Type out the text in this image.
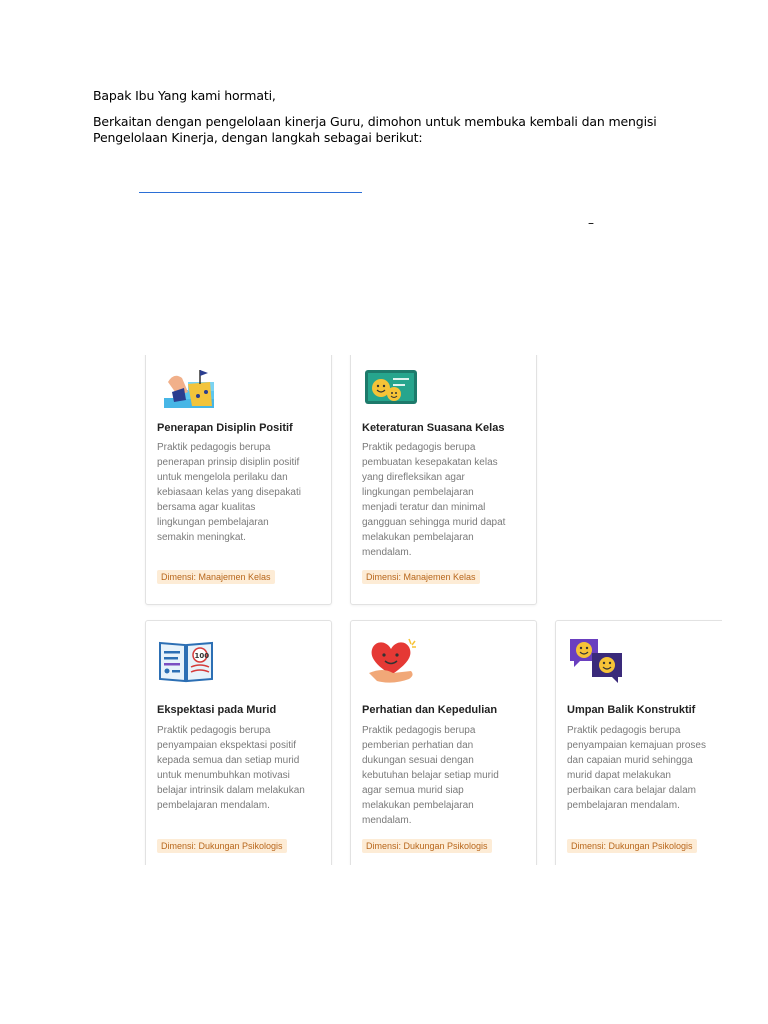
Bapak Ibu Yang kami hormati,

Berkaitan dengan pengelolaan kinerja Guru, dimohon untuk membuka kembali dan mengisi
Pengelolaan Kinerja, dengan langkah sebagai berikut:

–
Penerapan Disiplin Positif
Praktik pedagogis berupa
penerapan prinsip disiplin positif
untuk mengelola perilaku dan
kebiasaan kelas yang disepakati
bersama agar kualitas
lingkungan pembelajaran
semakin meningkat.
Dimensi: Manajemen Kelas
Keteraturan Suasana Kelas
Praktik pedagogis berupa
pembuatan kesepakatan kelas
yang direfleksikan agar
lingkungan pembelajaran
menjadi teratur dan minimal
gangguan sehingga murid dapat
melakukan pembelajaran
mendalam.
Dimensi: Manajemen Kelas
100
Ekspektasi pada Murid
Praktik pedagogis berupa
penyampaian ekspektasi positif
kepada semua dan setiap murid
untuk menumbuhkan motivasi
belajar intrinsik dalam melakukan
pembelajaran mendalam.
Dimensi: Dukungan Psikologis
Perhatian dan Kepedulian
Praktik pedagogis berupa
pemberian perhatian dan
dukungan sesuai dengan
kebutuhan belajar setiap murid
agar semua murid siap
melakukan pembelajaran
mendalam.
Dimensi: Dukungan Psikologis
Umpan Balik Konstruktif
Praktik pedagogis berupa
penyampaian kemajuan proses
dan capaian murid sehingga
murid dapat melakukan
perbaikan cara belajar dalam
pembelajaran mendalam.
Dimensi: Dukungan Psikologis
